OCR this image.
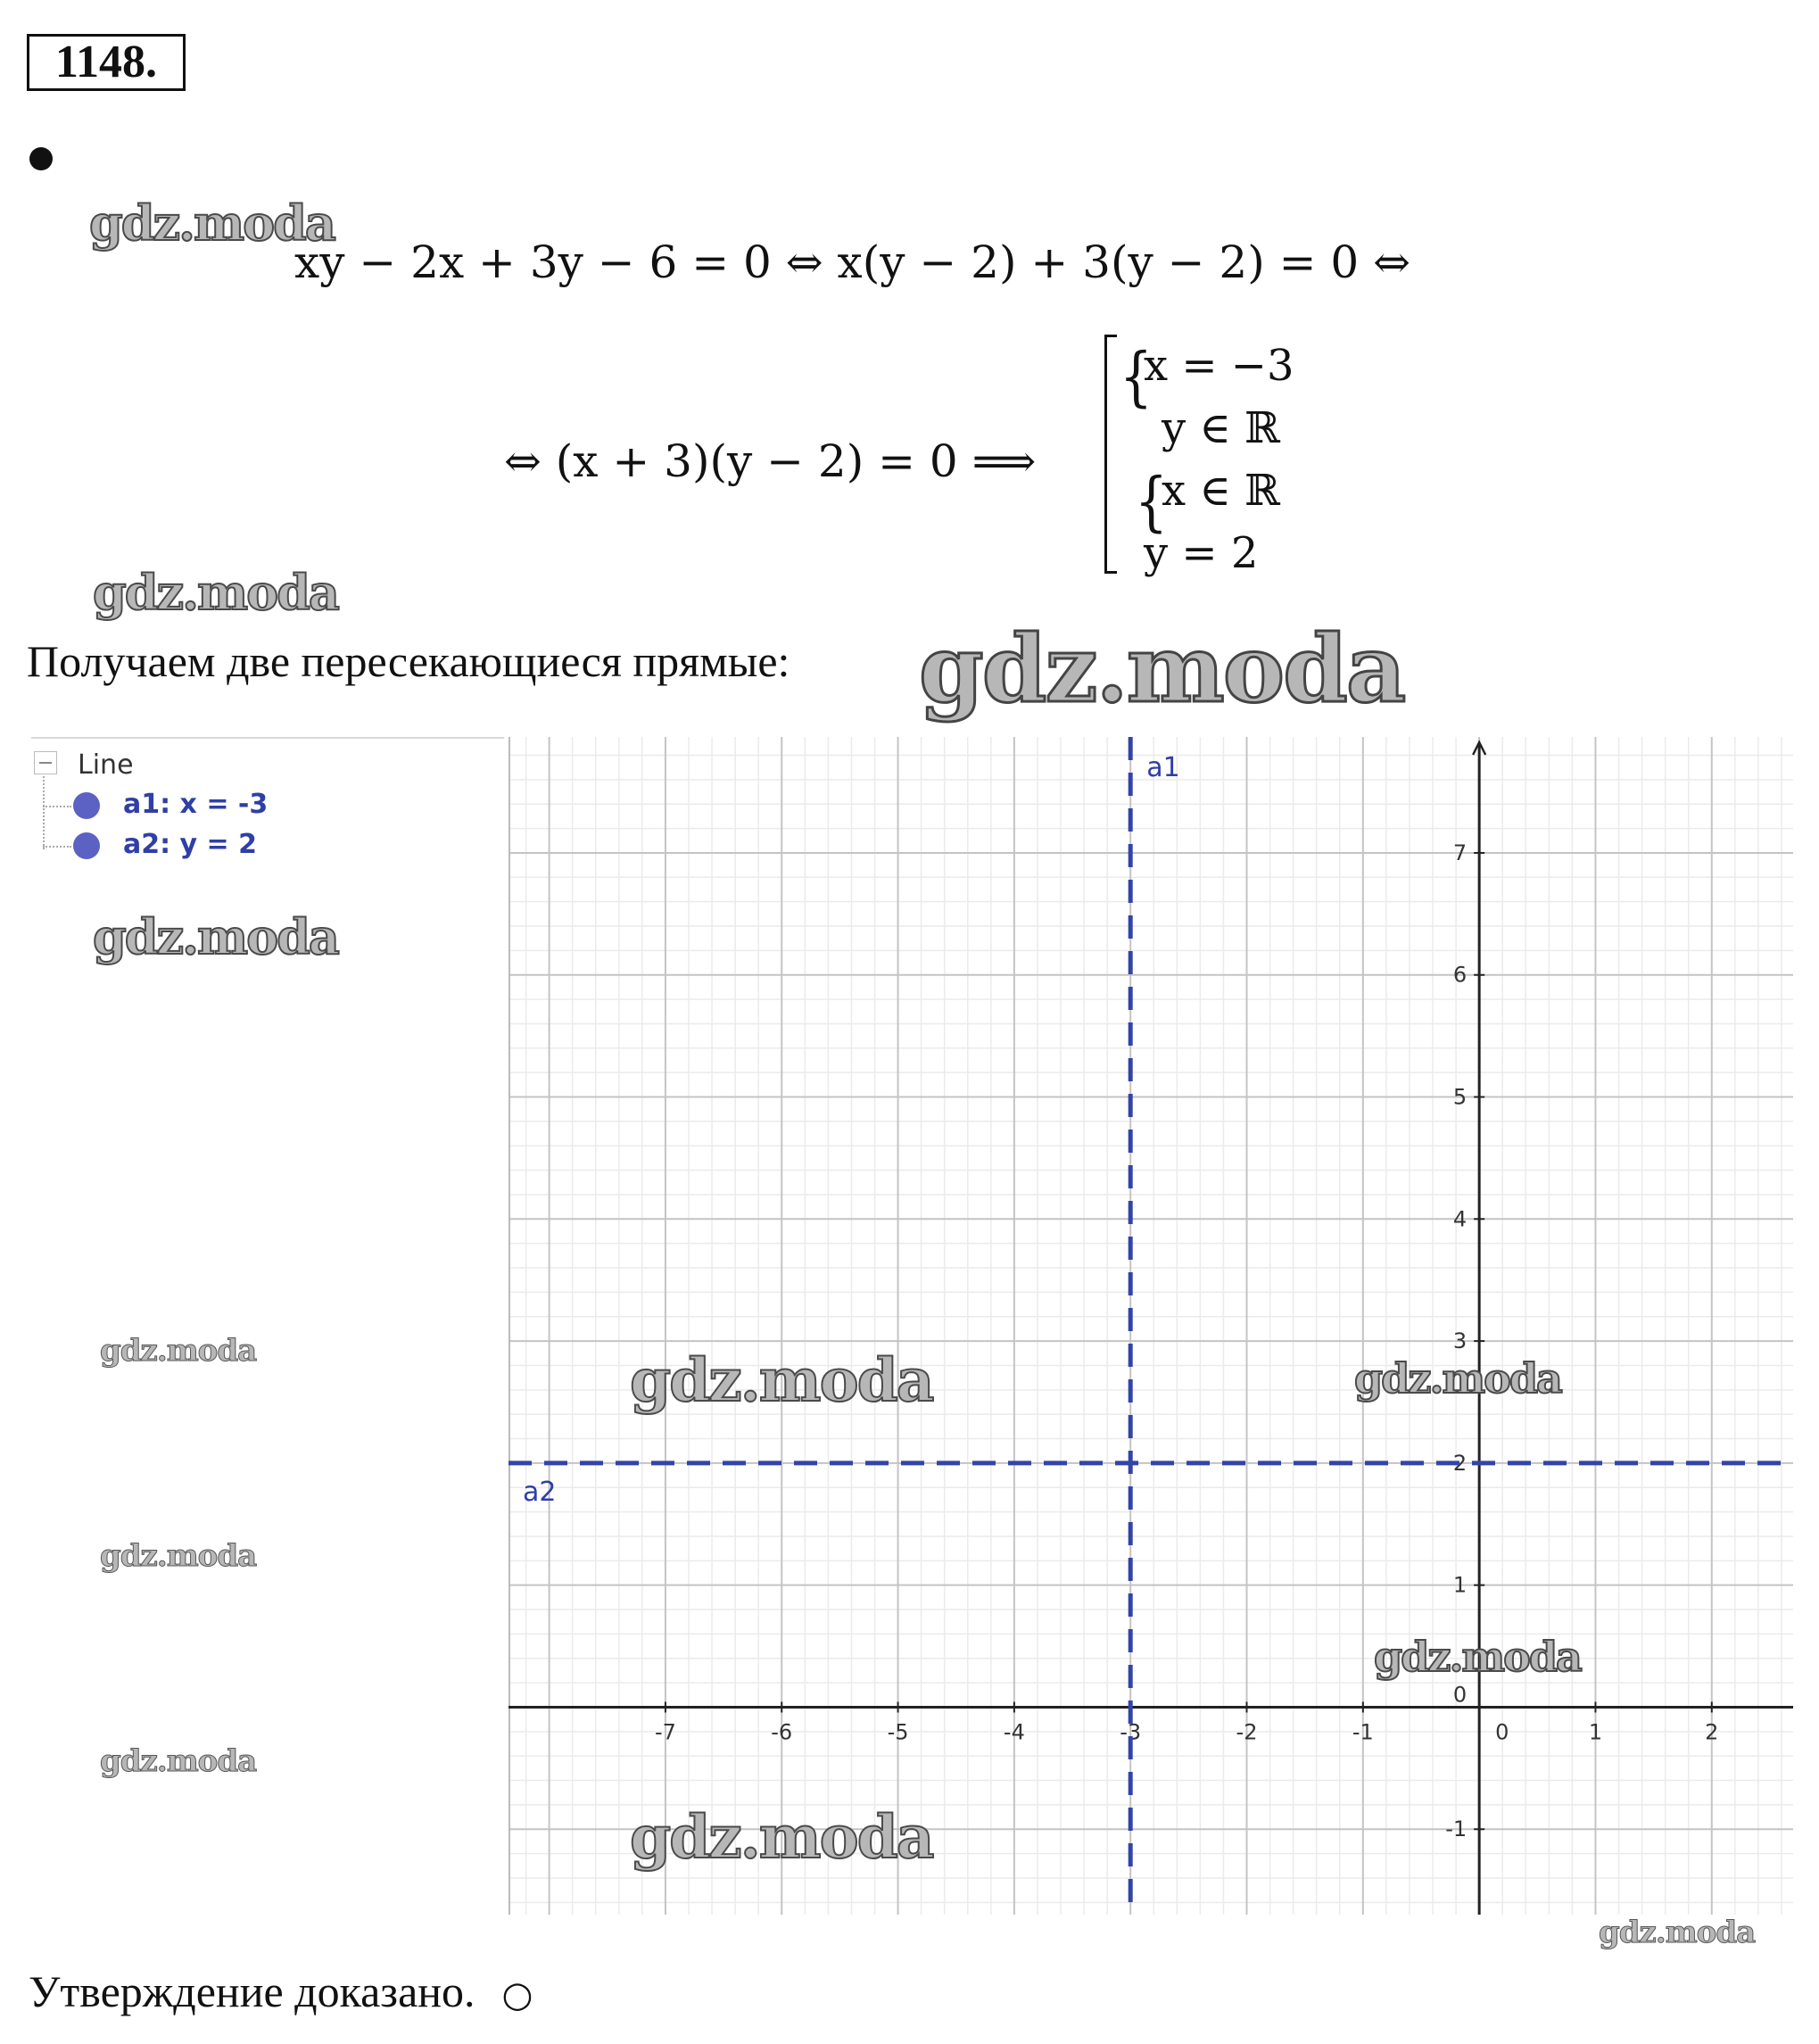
1148.
xy − 2x + 3y − 6 = 0 ⇔ x(y − 2) + 3(y − 2) = 0 ⇔
⇔ (x + 3)(y − 2) = 0 ⟹
{
{
x = −3
y ∈ ℝ
x ∈ ℝ
y = 2
Получаем две пересекающиеся прямые:
Line
a1: x = -3
a2: y = 2
-7	-6	-5	-4	-3	-2	-1	0	1	2
-1
0
1
2
3
4
5
6
7
a1
a2
Утверждение доказано. ○
gdz.moda
gdz.moda
gdz.moda
gdz.moda
gdz.moda	gdz.moda	gdz.moda
gdz.moda
gdz.moda
gdz.moda
gdz.moda
gdz.moda
